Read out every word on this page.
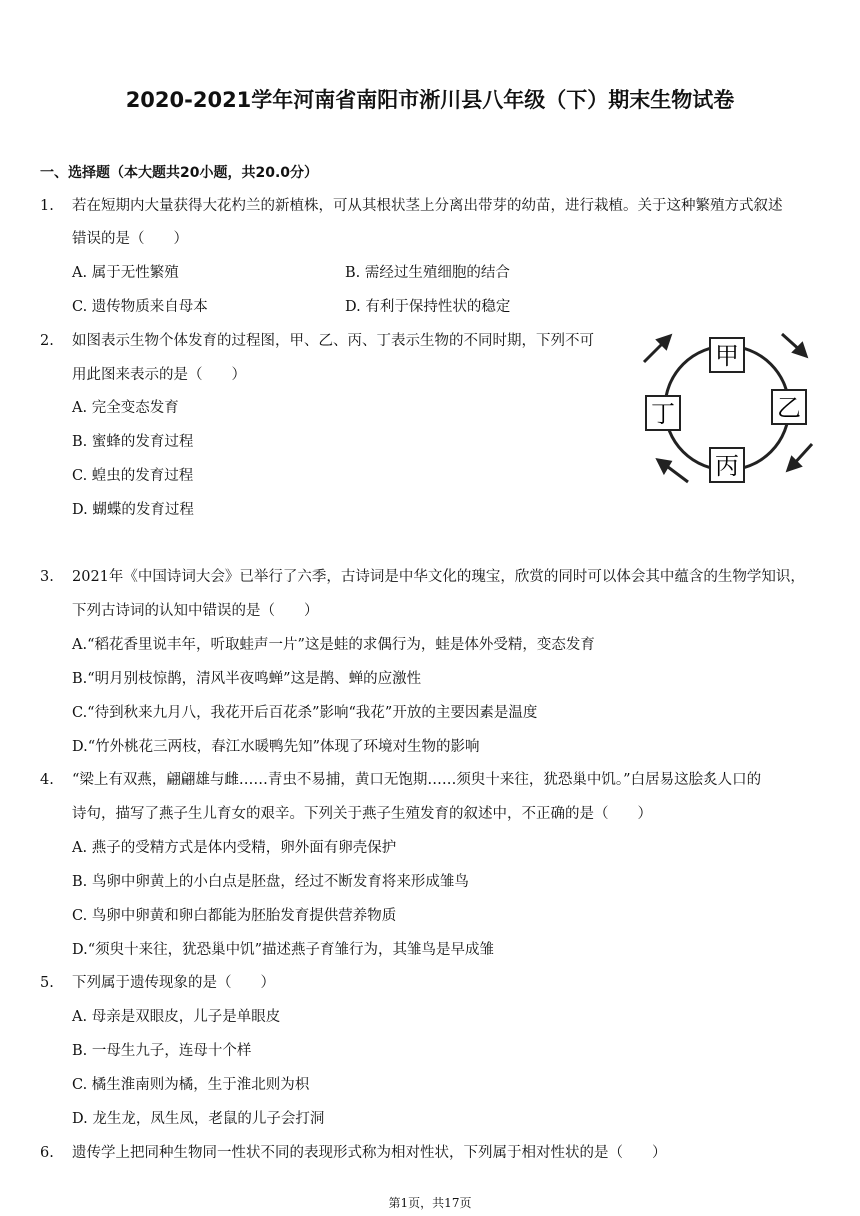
2020-2021学年河南省南阳市淅川县八年级（下）期末生物试卷
一、选择题（本大题共20小题，共20.0分）
1. 若在短期内大量获得大花杓兰的新植株，可从其根状茎上分离出带芽的幼苗，进行栽植。关于这种繁殖方式叙述
错误的是（　　）
A. 属于无性繁殖	B. 需经过生殖细胞的结合
C. 遗传物质来自母本	D. 有利于保持性状的稳定
2. 如图表示生物个体发育的过程图，甲、乙、丙、丁表示生物的不同时期，下列不可
用此图来表示的是（　　）
A. 完全变态发育
B. 蜜蜂的发育过程
C. 蝗虫的发育过程
D. 蝴蝶的发育过程
甲
乙
丙
丁
3. 2021年《中国诗词大会》已举行了六季，古诗词是中华文化的瑰宝，欣赏的同时可以体会其中蕴含的生物学知识，
下列古诗词的认知中错误的是（　　）
A.“稻花香里说丰年，听取蛙声一片”这是蛙的求偶行为，蛙是体外受精，变态发育
B.“明月别枝惊鹊，清风半夜鸣蝉”这是鹊、蝉的应激性
C.“待到秋来九月八，我花开后百花杀”影响“我花”开放的主要因素是温度
D.“竹外桃花三两枝，春江水暖鸭先知”体现了环境对生物的影响
4. “梁上有双燕，翩翩雄与雌……青虫不易捕，黄口无饱期……须臾十来往，犹恐巢中饥。”白居易这脍炙人口的
诗句，描写了燕子生儿育女的艰辛。下列关于燕子生殖发育的叙述中，不正确的是（　　）
A. 燕子的受精方式是体内受精，卵外面有卵壳保护
B. 鸟卵中卵黄上的小白点是胚盘，经过不断发育将来形成雏鸟
C. 鸟卵中卵黄和卵白都能为胚胎发育提供营养物质
D.“须臾十来往，犹恐巢中饥”描述燕子育雏行为，其雏鸟是早成雏
5. 下列属于遗传现象的是（　　）
A. 母亲是双眼皮，儿子是单眼皮
B. 一母生九子，连母十个样
C. 橘生淮南则为橘，生于淮北则为枳
D. 龙生龙，凤生凤，老鼠的儿子会打洞
6. 遗传学上把同种生物同一性状不同的表现形式称为相对性状，下列属于相对性状的是（　　）
第1页，共17页
